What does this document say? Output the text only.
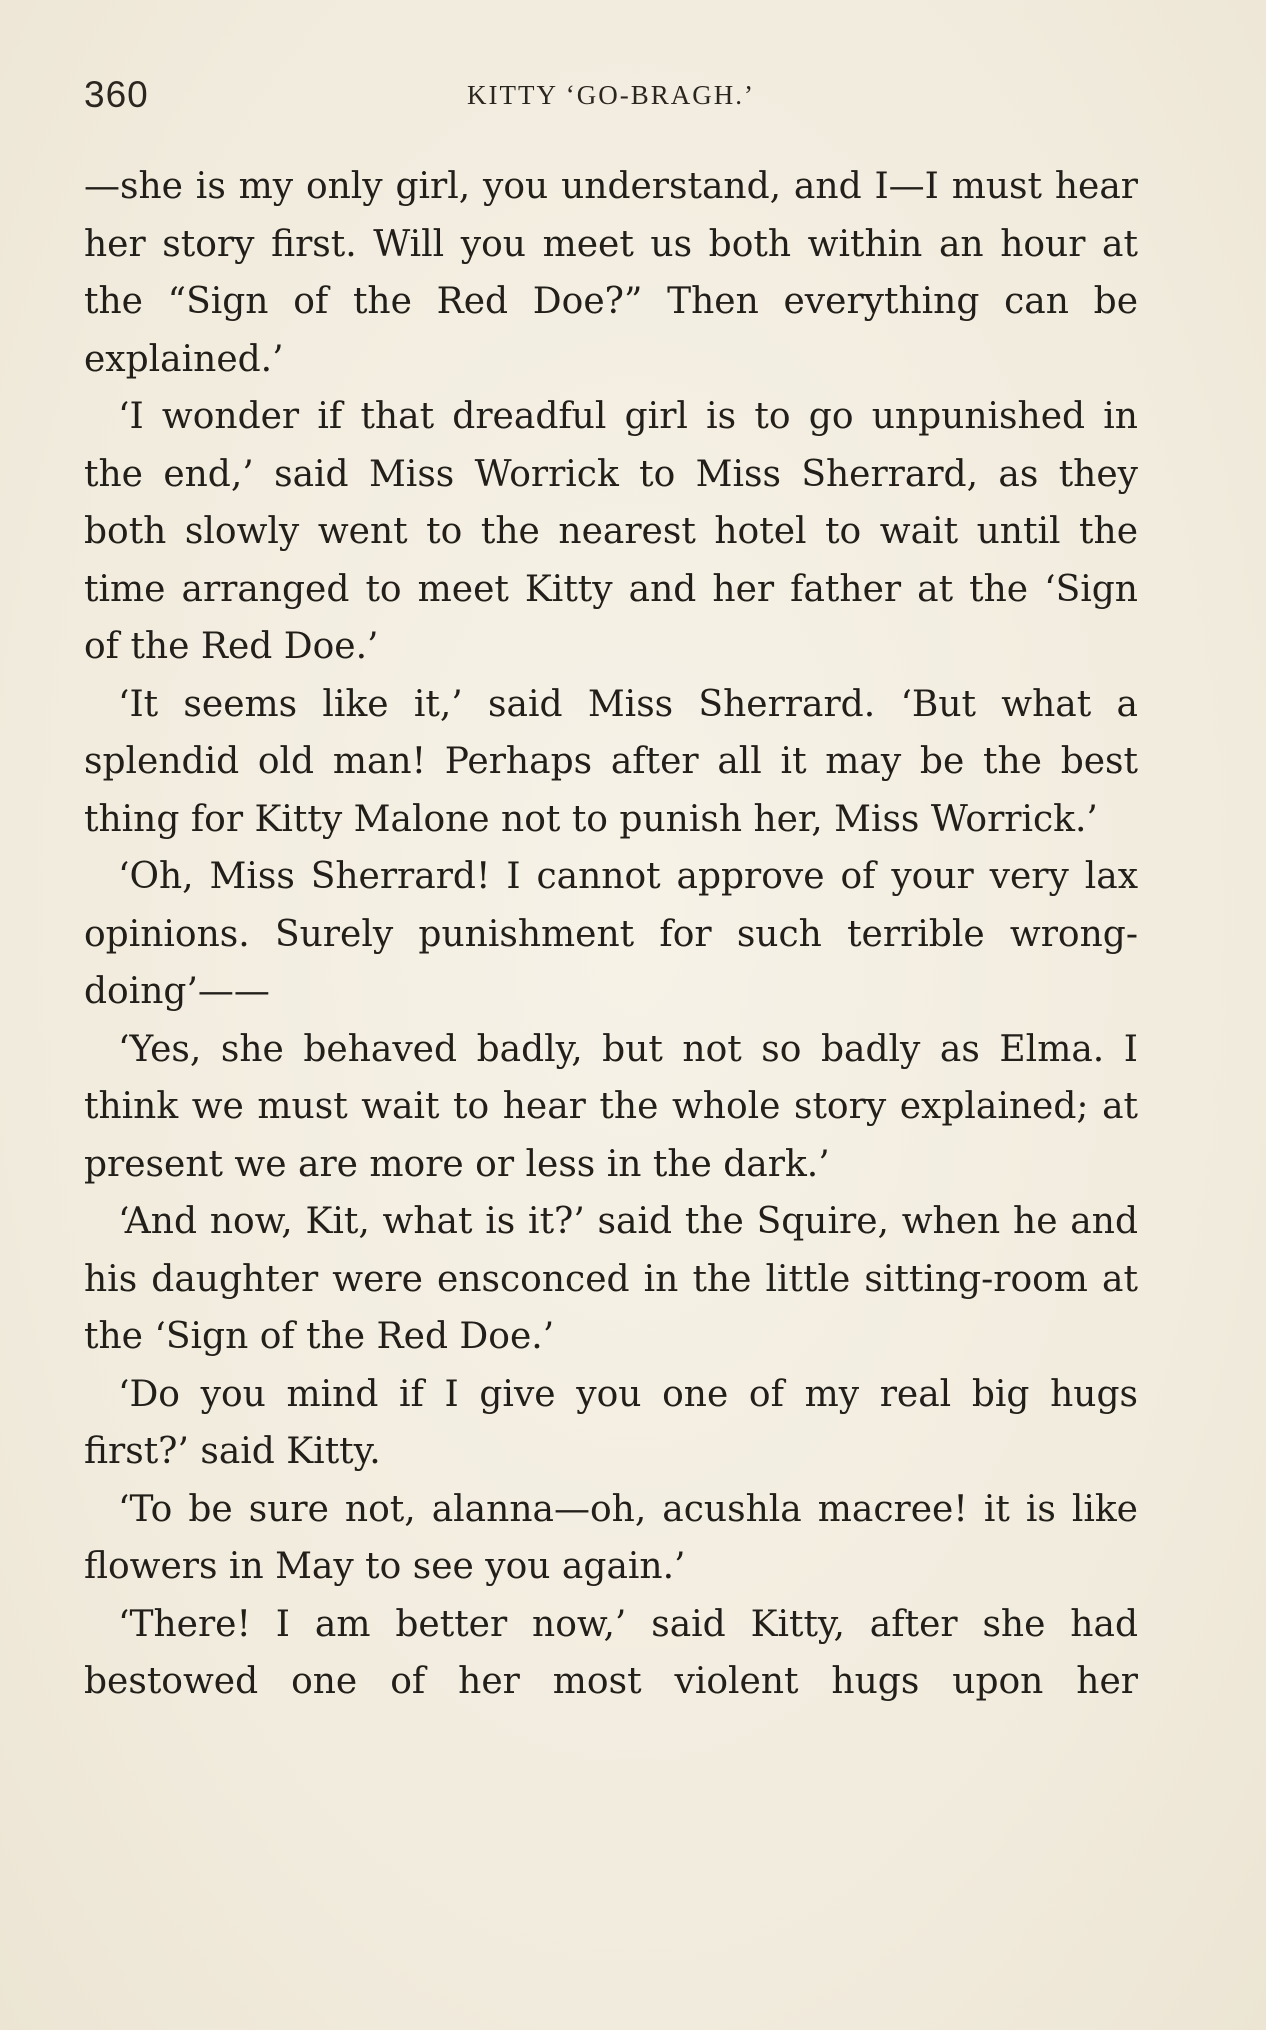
360	KITTY ‘GO-BRAGH.’

—she is my only girl, you understand, and I—I must hear her story first. Will you meet us both within an hour at the “Sign of the Red Doe?” Then everything can be explained.’

‘I wonder if that dreadful girl is to go unpunished in the end,’ said Miss Worrick to Miss Sherrard, as they both slowly went to the nearest hotel to wait until the time arranged to meet Kitty and her father at the ‘Sign of the Red Doe.’

‘It seems like it,’ said Miss Sherrard. ‘But what a splendid old man! Perhaps after all it may be the best thing for Kitty Malone not to punish her, Miss Worrick.’

‘Oh, Miss Sherrard! I cannot approve of your very lax opinions. Surely punishment for such terrible wrong-doing’——

‘Yes, she behaved badly, but not so badly as Elma. I think we must wait to hear the whole story explained; at present we are more or less in the dark.’

‘And now, Kit, what is it?’ said the Squire, when he and his daughter were ensconced in the little sitting-room at the ‘Sign of the Red Doe.’

‘Do you mind if I give you one of my real big hugs first?’ said Kitty.

‘To be sure not, alanna—oh, acushla macree! it is like flowers in May to see you again.’

‘There! I am better now,’ said Kitty, after she had bestowed one of her most violent hugs upon her
